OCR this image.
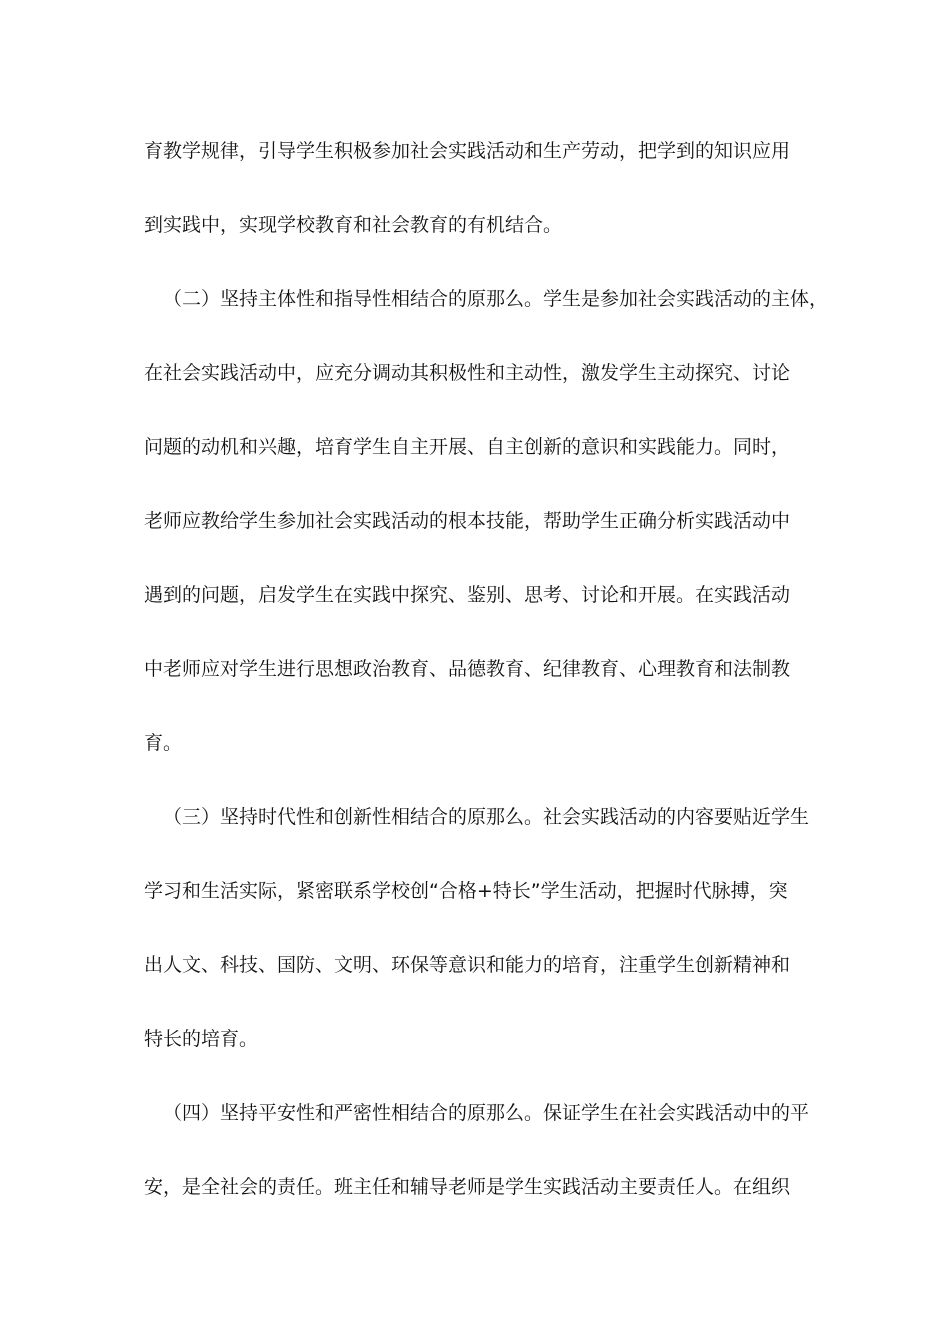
育教学规律，引导学生积极参加社会实践活动和生产劳动，把学到的知识应用
到实践中，实现学校教育和社会教育的有机结合。

（二）坚持主体性和指导性相结合的原那么。学生是参加社会实践活动的主体，
在社会实践活动中，应充分调动其积极性和主动性，激发学生主动探究、讨论
问题的动机和兴趣，培育学生自主开展、自主创新的意识和实践能力。同时，
老师应教给学生参加社会实践活动的根本技能，帮助学生正确分析实践活动中
遇到的问题，启发学生在实践中探究、鉴别、思考、讨论和开展。在实践活动
中老师应对学生进行思想政治教育、品德教育、纪律教育、心理教育和法制教
育。

（三）坚持时代性和创新性相结合的原那么。社会实践活动的内容要贴近学生
学习和生活实际，紧密联系学校创“合格+特长”学生活动，把握时代脉搏，突
出人文、科技、国防、文明、环保等意识和能力的培育，注重学生创新精神和
特长的培育。

（四）坚持平安性和严密性相结合的原那么。保证学生在社会实践活动中的平
安，是全社会的责任。班主任和辅导老师是学生实践活动主要责任人。在组织
